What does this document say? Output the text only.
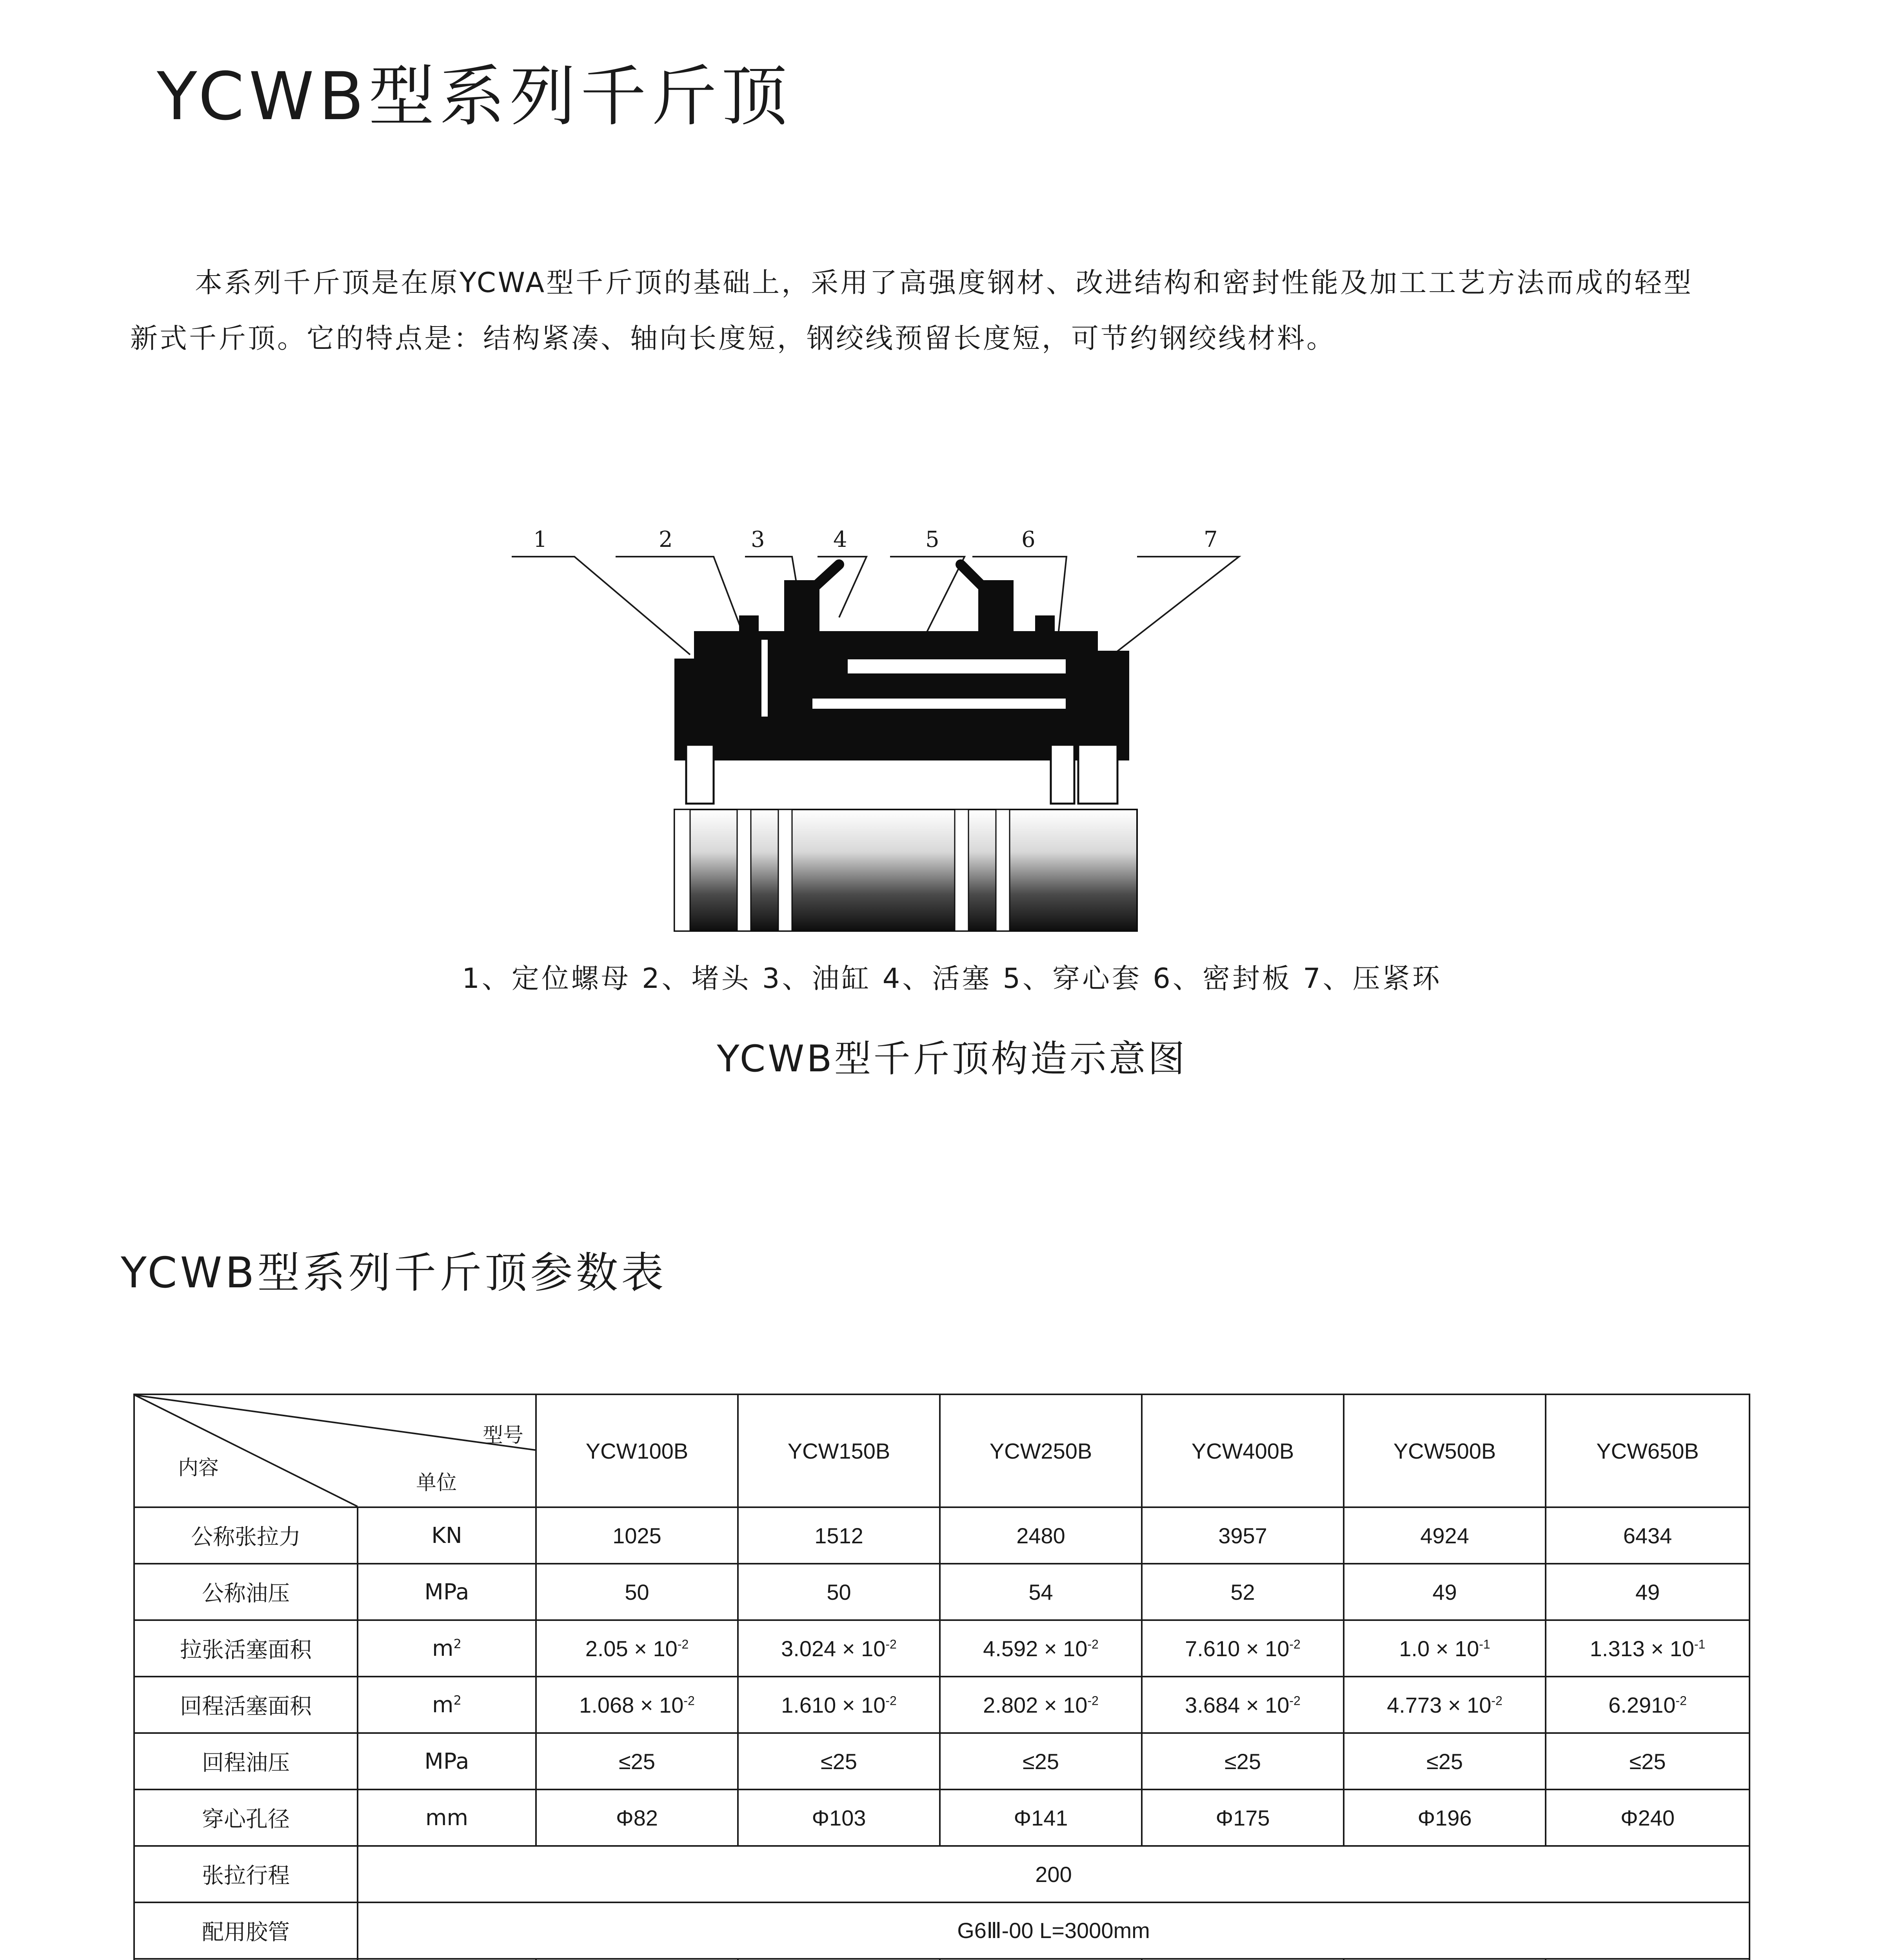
YCWB型系列千斤顶

本系列千斤顶是在原YCWA型千斤顶的基础上，采用了高强度钢材、改进结构和密封性能及加工工艺方法而成的轻型
新式千斤顶。它的特点是：结构紧凑、轴向长度短，钢绞线预留长度短，可节约钢绞线材料。

1	2	3	4	5	6	7

1、定位螺母 2、堵头 3、油缸 4、活塞 5、穿心套 6、密封板 7、压紧环

YCWB型千斤顶构造示意图
YCWB型系列千斤顶参数表
型号
单位
内容		YCW100B	YCW150B	YCW250B	YCW400B	YCW500B	YCW650B
公称张拉力	KN	1025	1512	2480	3957	4924	6434
公称油压	MPa	50	50	54	52	49	49
拉张活塞面积	$m^2$	$2.05 \times 10^{-2}$	$3.024 \times 10^{-2}$	$4.592 \times 10^{-2}$	$7.610 \times 10^{-2}$	$1.0 \times 10^{-1}$	$1.313 \times 10^{-1}$
回程活塞面积	$m^2$	$1.068 \times 10^{-2}$	$1.610 \times 10^{-2}$	$2.802 \times 10^{-2}$	$3.684 \times 10^{-2}$	$4.773 \times 10^{-2}$	$6.2910^{-2}$
回程油压	MPa	≤25	≤25	≤25	≤25	≤25	≤25
穿心孔径	mm	Φ82	Φ103	Φ141	Φ175	Φ196	Φ240
张拉行程	200						
配用胶管	G6Ⅲ-00 L=3000mm						
